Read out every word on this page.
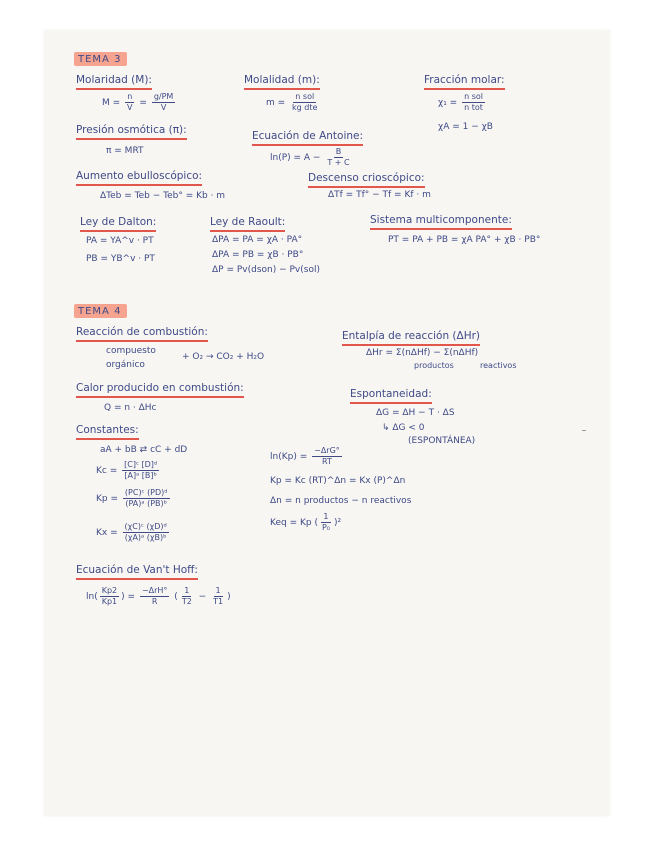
TEMA 3
Molaridad (M):
$M = \frac{n}{V} = \frac{g/PM}{V}$
Molalidad (m):
m =
n sol
kg dte
Fracción molar:
χ₁ =
n sol
n tot
χA = 1 − χB
Presión osmótica (π):
π = MRT
Ecuación de Antoine:
$\ln(P) = A - \frac{B}{T + C}$
Aumento ebulloscópico:
ΔTeb = Teb − Teb° = Kb · m
Descenso crioscópico:
ΔTf = Tf° − Tf = Kf · m
Ley de Dalton:
PA = YA^v · PT
PB = YB^v · PT
Ley de Raoult:
ΔPA = PA = χA · PA°
ΔPA = PB = χB · PB°
ΔP = Pv(dson) − Pv(sol)
Sistema multicomponente:
PT = PA + PB = χA PA° + χB · PB°
TEMA 4
Reacción de combustión:
compuesto
orgánico
+ O₂ → CO₂ + H₂O
Entalpía de reacción (ΔHr)
ΔHr = Σ(nΔHf) − Σ(nΔHf)
productos	reactivos
Calor producido en combustión:
Q = n · ΔHc
Espontaneidad:
ΔG = ΔH − T · ΔS
↳ ΔG < 0
(ESPONTÁNEA)
Constantes:
aA + bB ⇄ cC + dD
$Kc = \frac{\text{[C]ᶜ [D]ᵈ}}{\text{[A]ᵃ [B]ᵇ}}$
$Kp = \frac{\text{(PC)ᶜ (PD)ᵈ}}{\text{(PA)ᵃ (PB)ᵇ}}$
$Kx = \frac{\text{(χC)ᶜ (χD)ᵈ}}{\text{(χA)ᵃ (χB)ᵇ}}$
ln(Kp) =
−ΔrG°
RT
Kp = Kc (RT)^Δn = Kx (P)^Δn
Δn = n productos − n reactivos
Keq = Kp ( $\frac{1}{\text{P₀}} )^2$
Ecuación de Van't Hoff:
$\ln( \frac{Kp2}{Kp1}$ ) =
−ΔrH°
R ( $\frac{1}{T2} - \frac{1}{T1}$ )
